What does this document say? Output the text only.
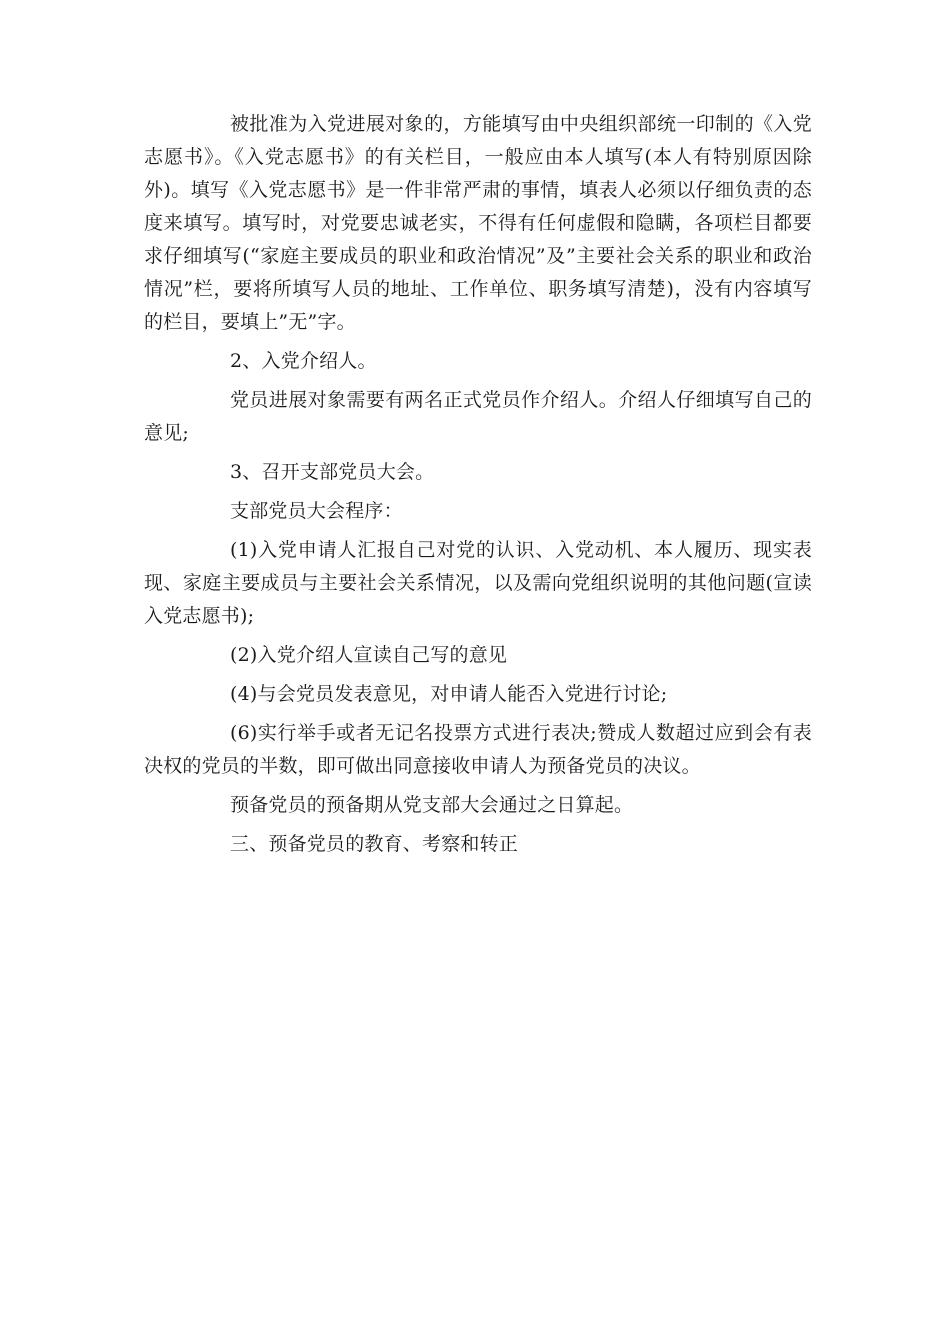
被批准为入党进展对象的，方能填写由中央组织部统一印制的《入党志愿书》。《入党志愿书》的有关栏目，一般应由本人填写(本人有特别原因除外)。填写《入党志愿书》是一件非常严肃的事情，填表人必须以仔细负责的态度来填写。填写时，对党要忠诚老实，不得有任何虚假和隐瞒，各项栏目都要求仔细填写(“家庭主要成员的职业和政治情况”及”主要社会关系的职业和政治情况”栏，要将所填写人员的地址、工作单位、职务填写清楚)，没有内容填写的栏目，要填上”无”字。

2、入党介绍人。

党员进展对象需要有两名正式党员作介绍人。介绍人仔细填写自己的意见;

3、召开支部党员大会。

支部党员大会程序：

(1)入党申请人汇报自己对党的认识、入党动机、本人履历、现实表现、家庭主要成员与主要社会关系情况，以及需向党组织说明的其他问题(宣读入党志愿书);

(2)入党介绍人宣读自己写的意见

(4)与会党员发表意见，对申请人能否入党进行讨论;

(6)实行举手或者无记名投票方式进行表决;赞成人数超过应到会有表决权的党员的半数，即可做出同意接收申请人为预备党员的决议。

预备党员的预备期从党支部大会通过之日算起。

三、预备党员的教育、考察和转正
